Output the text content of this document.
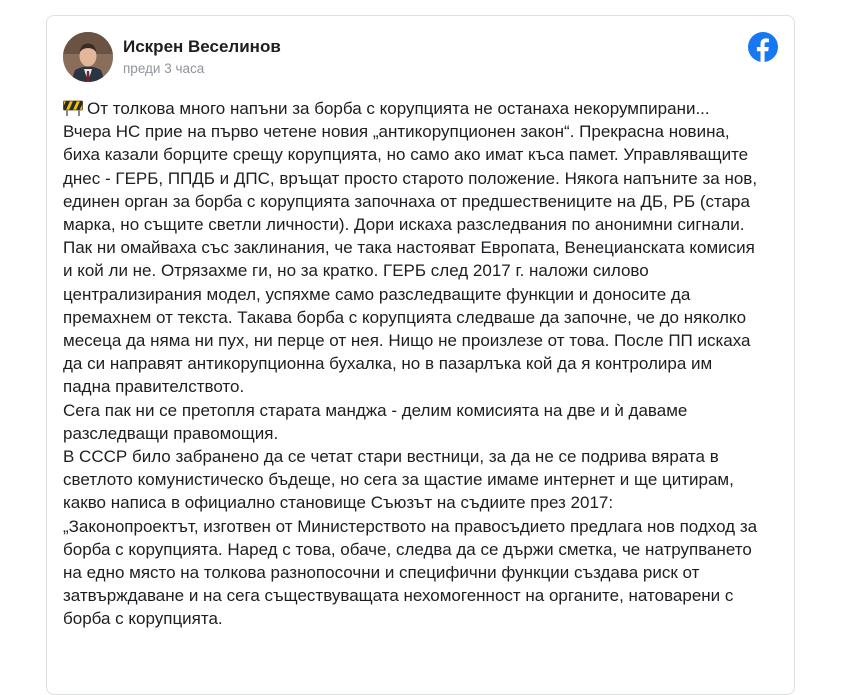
Искрен Веселинов
преди 3 часа

От толкова много напъни за борба с корупцията не останаха некорумпирани...

Вчера НС прие на първо четене новия „антикорупционен закон“. Прекрасна новина,

биха казали борците срещу корупцията, но само ако имат къса памет. Управляващите

днес - ГЕРБ, ППДБ и ДПС, връщат просто старото положение. Някога напъните за нов,

единен орган за борба с корупцията започнаха от предшествениците на ДБ, РБ (стара

марка, но същите светли личности). Дори искаха разследвания по анонимни сигнали.

Пак ни омайваха със заклинания, че така настояват Европата, Венецианската комисия

и кой ли не. Отрязахме ги, но за кратко. ГЕРБ след 2017 г. наложи силово

централизирания модел, успяхме само разследващите функции и доносите да

премахнем от текста. Такава борба с корупцията следваше да започне, че до няколко

месеца да няма ни пух, ни перце от нея. Нищо не произлезе от това. После ПП искаха

да си направят антикорупционна бухалка, но в пазарлъка кой да я контролира им

падна правителството.

Сега пак ни се претопля старата манджа - делим комисията на две и ѝ даваме

разследващи правомощия.

В СССР било забранено да се четат стари вестници, за да не се подрива вярата в

светлото комунистическо бъдеще, но сега за щастие имаме интернет и ще цитирам,

какво написа в официално становище Съюзът на съдиите през 2017:

„Законопроектът, изготвен от Министерството на правосъдието предлага нов подход за

борба с корупцията. Наред с това, обаче, следва да се държи сметка, че натрупването

на едно място на толкова разнопосочни и специфични функции създава риск от

затвърждаване и на сега съществуващата нехомогенност на органите, натоварени с

борба с корупцията.
